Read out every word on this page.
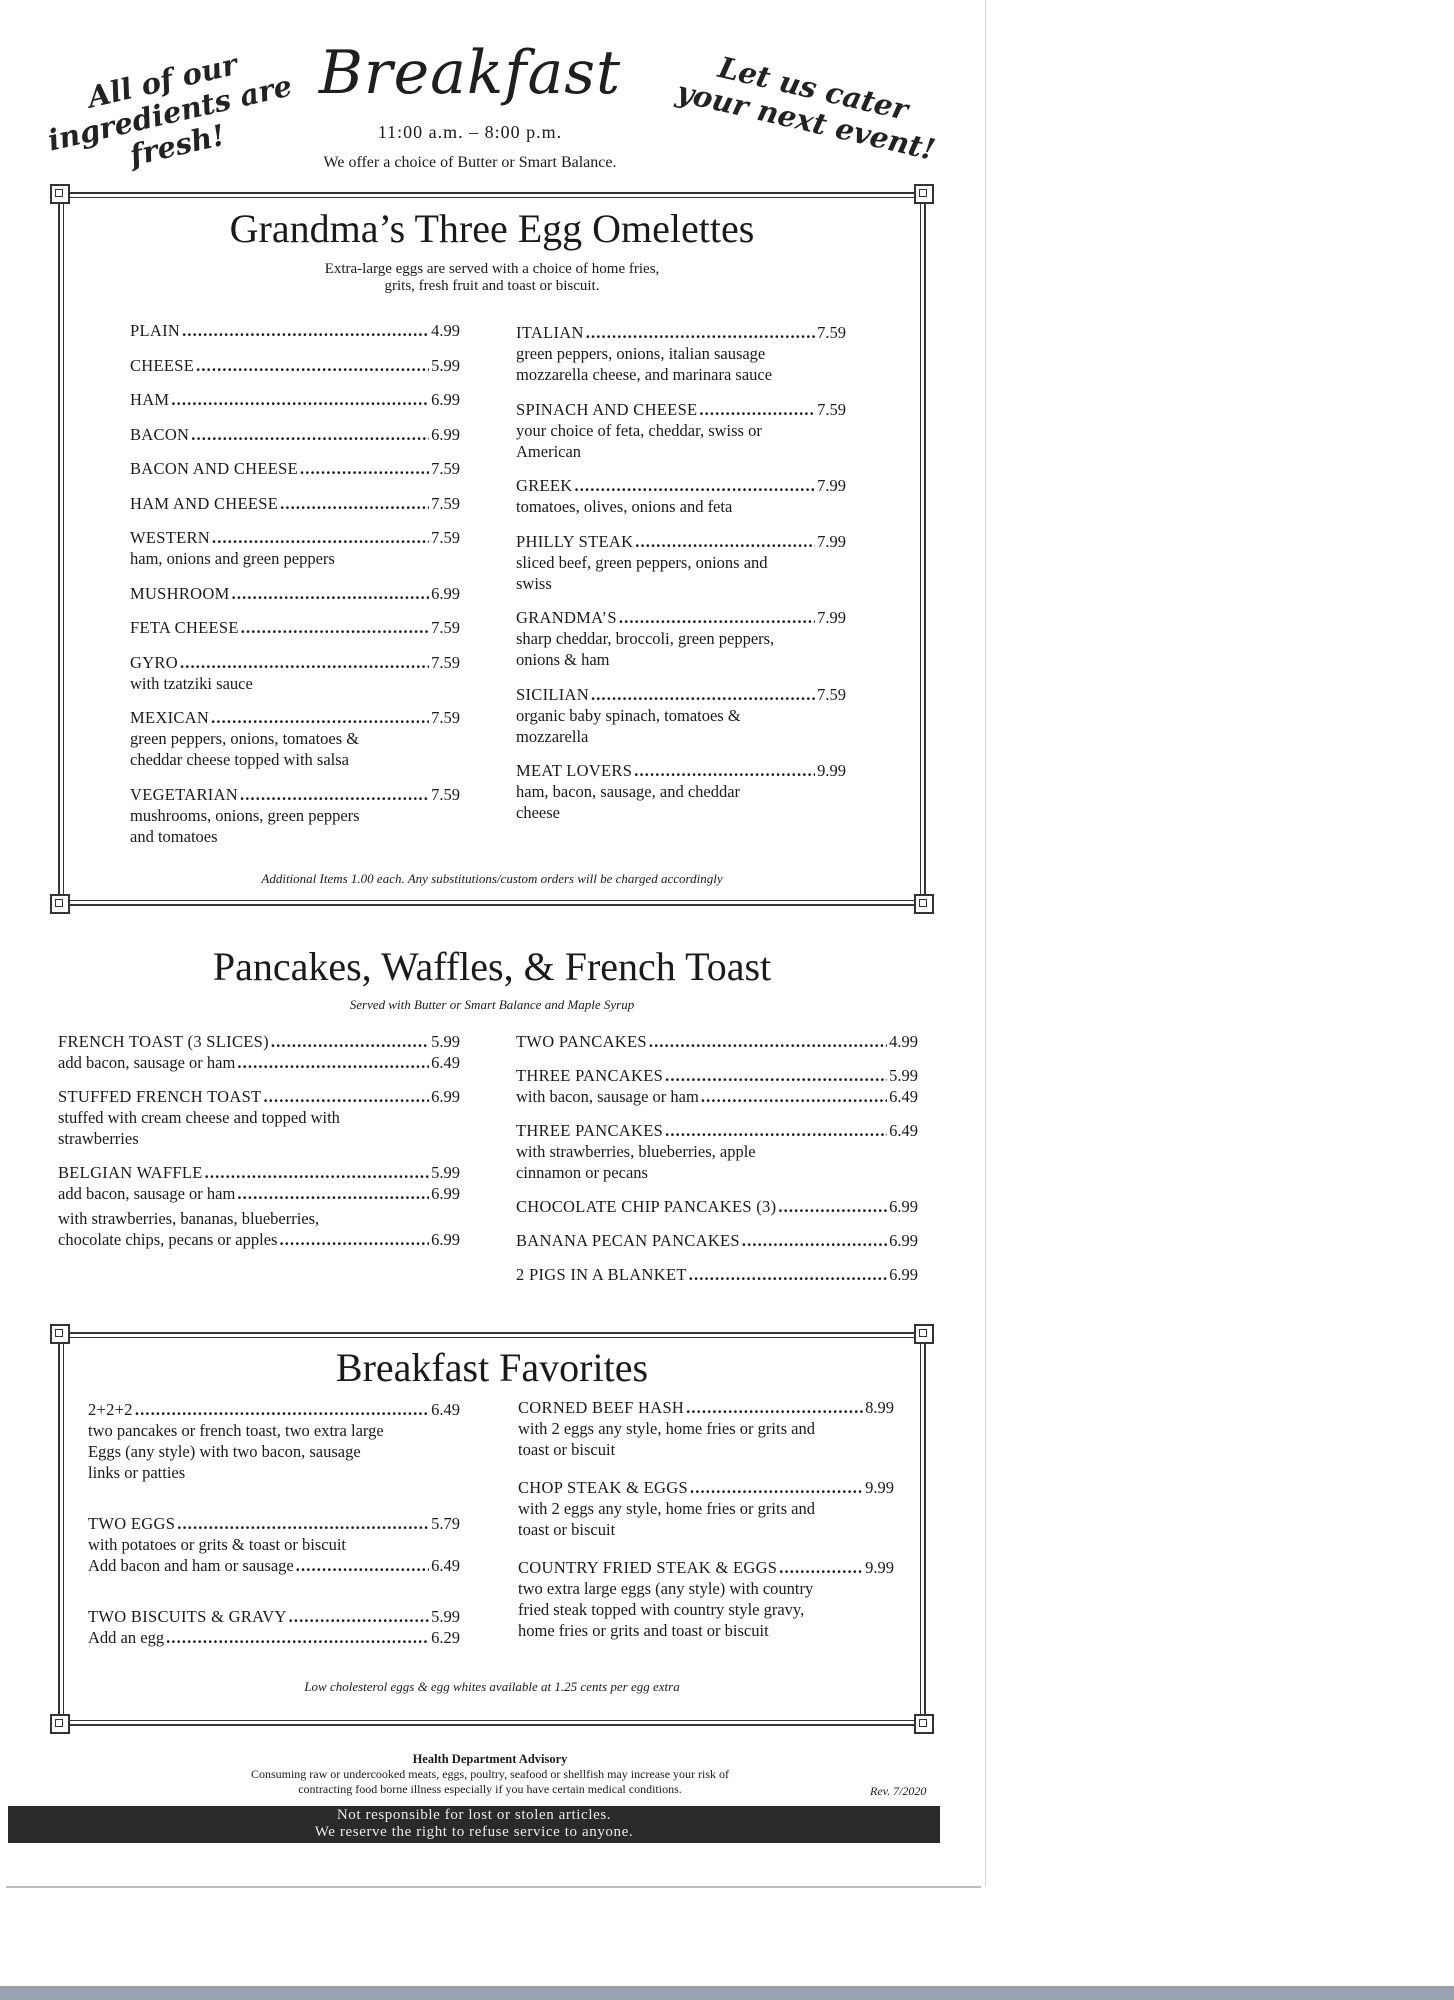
All of our ingredients are fresh!
Breakfast
11:00 a.m. – 8:00 p.m.
We offer a choice of Butter or Smart Balance.
Let us cater your next event!
Grandma’s Three Egg Omelettes
Extra-large eggs are served with a choice of home fries,
grits, fresh fruit and toast or biscuit.
PLAIN . . .	4.99
CHEESE . . .	5.99
HAM . . .	6.99
BACON . . .	6.99
BACON AND CHEESE . . .	7.59
HAM AND CHEESE . . .	7.59
WESTERN . . .	7.59
ham, onions and green peppers
MUSHROOM . . .	6.99
FETA CHEESE . . .	7.59
GYRO . . .	7.59
with tzatziki sauce
MEXICAN . . .	7.59
green peppers, onions, tomatoes & cheddar cheese topped with salsa
VEGETARIAN . . .	7.59
mushrooms, onions, green peppers and tomatoes
ITALIAN . . .	7.59
green peppers, onions, italian sausage mozzarella cheese, and marinara sauce
SPINACH AND CHEESE . . .	7.59
your choice of feta, cheddar, swiss or American
GREEK . . .	7.99
tomatoes, olives, onions and feta
PHILLY STEAK . . .	7.99
sliced beef, green peppers, onions and swiss
GRANDMA’S . . .	7.99
sharp cheddar, broccoli, green peppers, onions & ham
SICILIAN . . .	7.59
organic baby spinach, tomatoes & mozzarella
MEAT LOVERS . . .	9.99
ham, bacon, sausage, and cheddar cheese
Additional Items 1.00 each. Any substitutions/custom orders will be charged accordingly
Pancakes, Waffles, & French Toast
Served with Butter or Smart Balance and Maple Syrup
FRENCH TOAST (3 SLICES) . . .	5.99
add bacon, sausage or ham . . .	6.49
STUFFED FRENCH TOAST . . .	6.99
stuffed with cream cheese and topped with strawberries
BELGIAN WAFFLE . . .	5.99
add bacon, sausage or ham . . .	6.99
with strawberries, bananas, blueberries,
chocolate chips, pecans or apples . . .	6.99
TWO PANCAKES . . .	4.99
THREE PANCAKES . . .	5.99
with bacon, sausage or ham . . .	6.49
THREE PANCAKES . . .	6.49
with strawberries, blueberries, apple cinnamon or pecans
CHOCOLATE CHIP PANCAKES (3) . . .	6.99
BANANA PECAN PANCAKES . . .	6.99
2 PIGS IN A BLANKET . . .	6.99
Breakfast Favorites
2+2+2 . . .	6.49
two pancakes or french toast, two extra large Eggs (any style) with two bacon, sausage links or patties
TWO EGGS . . .	5.79
with potatoes or grits & toast or biscuit
Add bacon and ham or sausage . . .	6.49
TWO BISCUITS & GRAVY . . .	5.99
Add an egg . . .	6.29
CORNED BEEF HASH . . .	8.99
with 2 eggs any style, home fries or grits and toast or biscuit
CHOP STEAK & EGGS . . .	9.99
with 2 eggs any style, home fries or grits and toast or biscuit
COUNTRY FRIED STEAK & EGGS . . .	9.99
two extra large eggs (any style) with country fried steak topped with country style gravy, home fries or grits and toast or biscuit
Low cholesterol eggs & egg whites available at 1.25 cents per egg extra
Health Department Advisory
Consuming raw or undercooked meats, eggs, poultry, seafood or shellfish may increase your risk of
contracting food borne illness especially if you have certain medical conditions.	Rev. 7/2020
Not responsible for lost or stolen articles.
We reserve the right to refuse service to anyone.
